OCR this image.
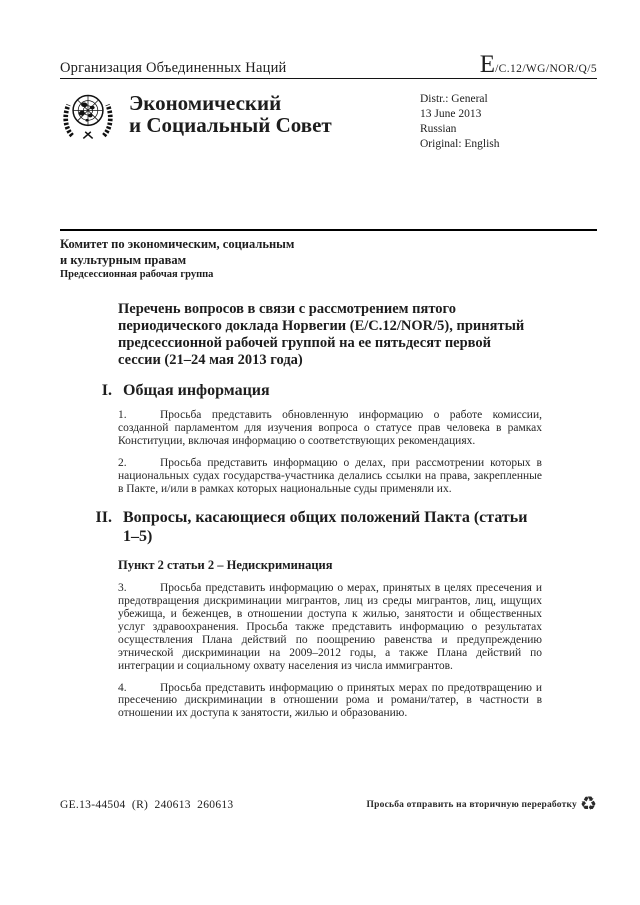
Организация Объединенных Наций	E/C.12/WG/NOR/Q/5
Экономический
и Социальный Совет
Distr.: General
13 June 2013
Russian
Original: English
Комитет по экономическим, социальным
и культурным правам
Предсессионная рабочая группа
Перечень вопросов в связи с рассмотрением пятого периодического доклада Норвегии (E/C.12/NOR/5), принятый предсессионной рабочей группой на ее пятьдесят первой сессии (21–24 мая 2013 года)
I. Общая информация
1.	Просьба представить обновленную информацию о работе комиссии, созданной парламентом для изучения вопроса о статусе прав человека в рамках Конституции, включая информацию о соответствующих рекомендациях.
2.	Просьба представить информацию о делах, при рассмотрении которых в национальных судах государства-участника делались ссылки на права, закрепленные в Пакте, и/или в рамках которых национальные суды применяли их.
II. Вопросы, касающиеся общих положений Пакта (статьи 1–5)
Пункт 2 статьи 2 – Недискриминация
3.	Просьба представить информацию о мерах, принятых в целях пресечения и предотвращения дискриминации мигрантов, лиц из среды мигрантов, лиц, ищущих убежища, и беженцев, в отношении доступа к жилью, занятости и общественных услуг здравоохранения. Просьба также представить информацию о результатах осуществления Плана действий по поощрению равенства и предупреждению этнической дискриминации на 2009–2012 годы, а также Плана действий по интеграции и социальному охвату населения из числа иммигрантов.
4.	Просьба представить информацию о принятых мерах по предотвращению и пресечению дискриминации в отношении рома и романи/татер, в частности в отношении их доступа к занятости, жилью и образованию.
GE.13-44504  (R)  240613  260613	Просьба отправить на вторичную переработку ♻
